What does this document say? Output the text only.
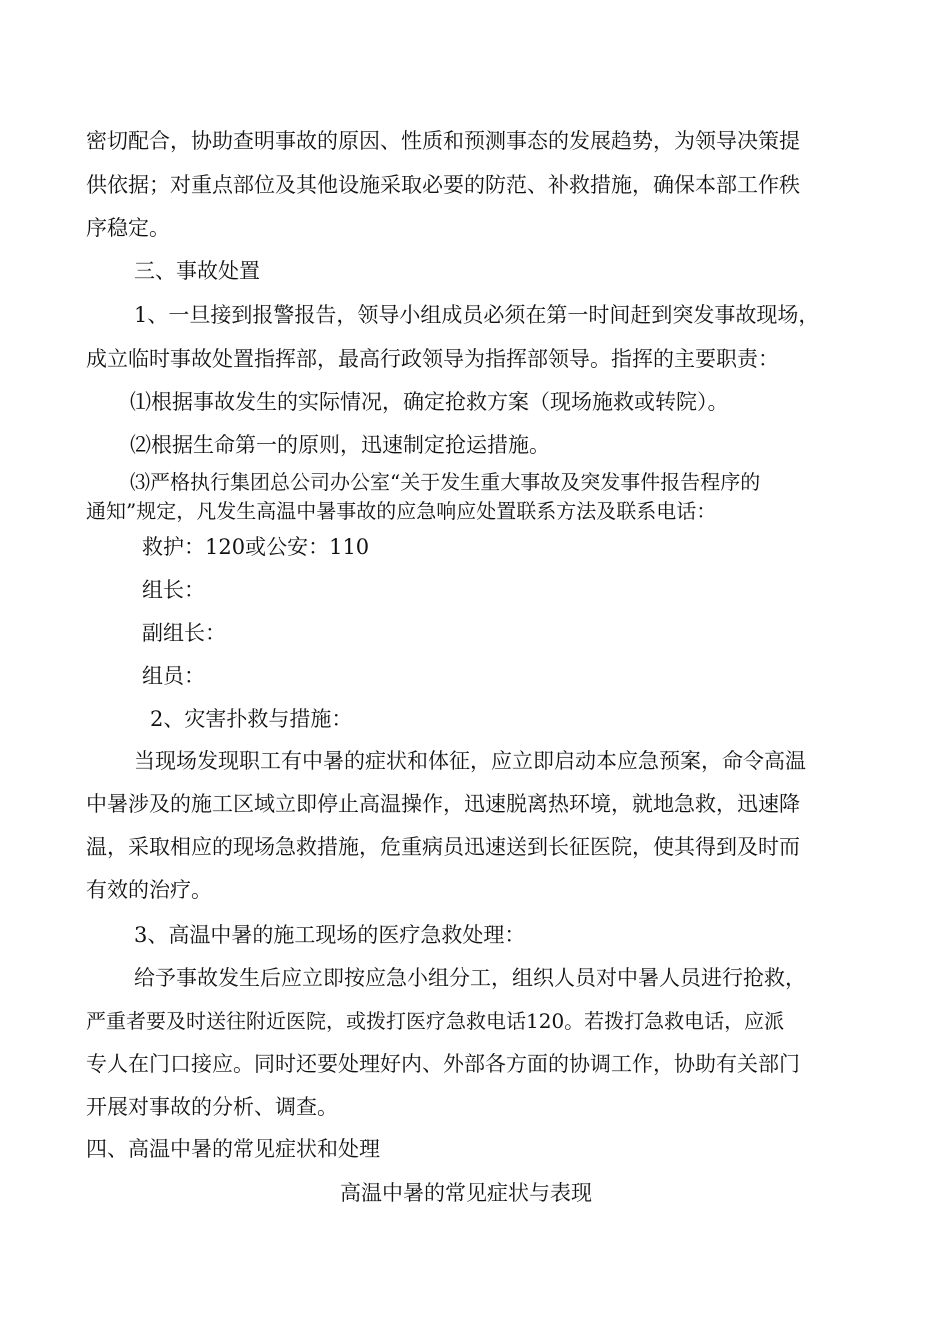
密切配合，协助查明事故的原因、性质和预测事态的发展趋势，为领导决策提
供依据；对重点部位及其他设施采取必要的防范、补救措施，确保本部工作秩
序稳定。
三、事故处置
1、一旦接到报警报告，领导小组成员必须在第一时间赶到突发事故现场，
成立临时事故处置指挥部，最高行政领导为指挥部领导。指挥的主要职责：
⑴根据事故发生的实际情况，确定抢救方案（现场施救或转院）。
⑵根据生命第一的原则，迅速制定抢运措施。
⑶严格执行集团总公司办公室“关于发生重大事故及突发事件报告程序的
通知”规定，凡发生高温中暑事故的应急响应处置联系方法及联系电话：
救护：120或公安：110
组长：
副组长：
组员：
2、灾害扑救与措施：
当现场发现职工有中暑的症状和体征，应立即启动本应急预案，命令高温
中暑涉及的施工区域立即停止高温操作，迅速脱离热环境，就地急救，迅速降
温，采取相应的现场急救措施，危重病员迅速送到长征医院，使其得到及时而
有效的治疗。
3、高温中暑的施工现场的医疗急救处理：
给予事故发生后应立即按应急小组分工，组织人员对中暑人员进行抢救，
严重者要及时送往附近医院，或拨打医疗急救电话120。若拨打急救电话，应派
专人在门口接应。同时还要处理好内、外部各方面的协调工作，协助有关部门
开展对事故的分析、调查。
四、高温中暑的常见症状和处理
高温中暑的常见症状与表现
